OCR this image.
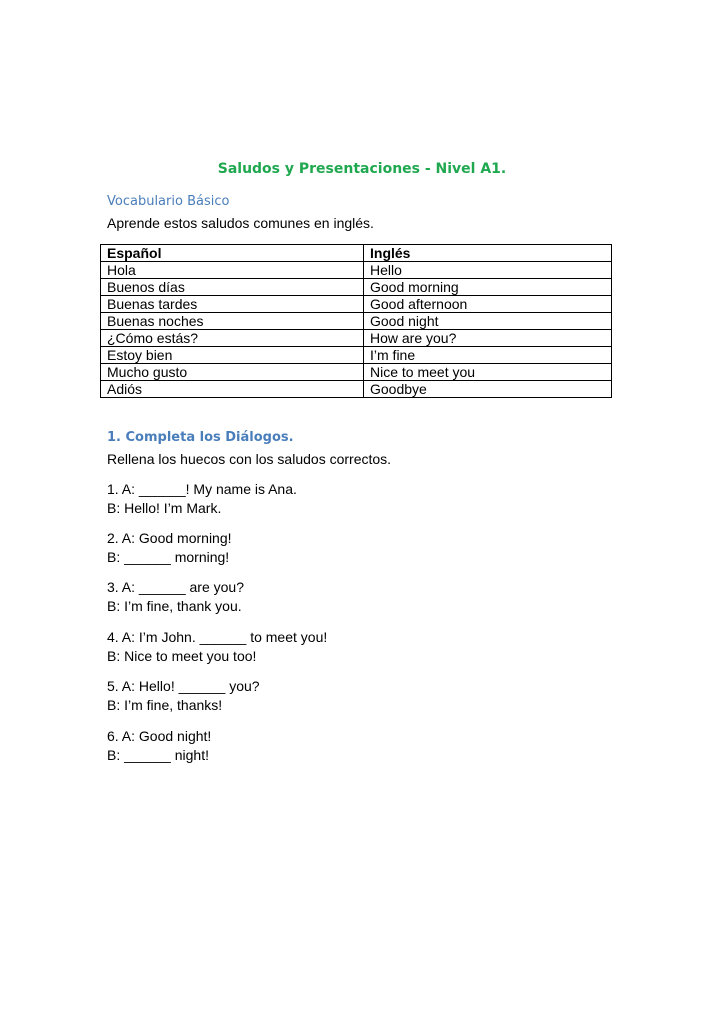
Saludos y Presentaciones - Nivel A1.
Vocabulario Básico
Aprende estos saludos comunes en inglés.
Español	Inglés
Hola	Hello
Buenos días	Good morning
Buenas tardes	Good afternoon
Buenas noches	Good night
¿Cómo estás?	How are you?
Estoy bien	I’m fine
Mucho gusto	Nice to meet you
Adiós	Goodbye
1. Completa los Diálogos.
Rellena los huecos con los saludos correctos.
1. A: ______! My name is Ana.
B: Hello! I’m Mark.
2. A: Good morning!
B: ______ morning!
3. A: ______ are you?
B: I’m fine, thank you.
4. A: I’m John. ______ to meet you!
B: Nice to meet you too!
5. A: Hello! ______ you?
B: I’m fine, thanks!
6. A: Good night!
B: ______ night!
